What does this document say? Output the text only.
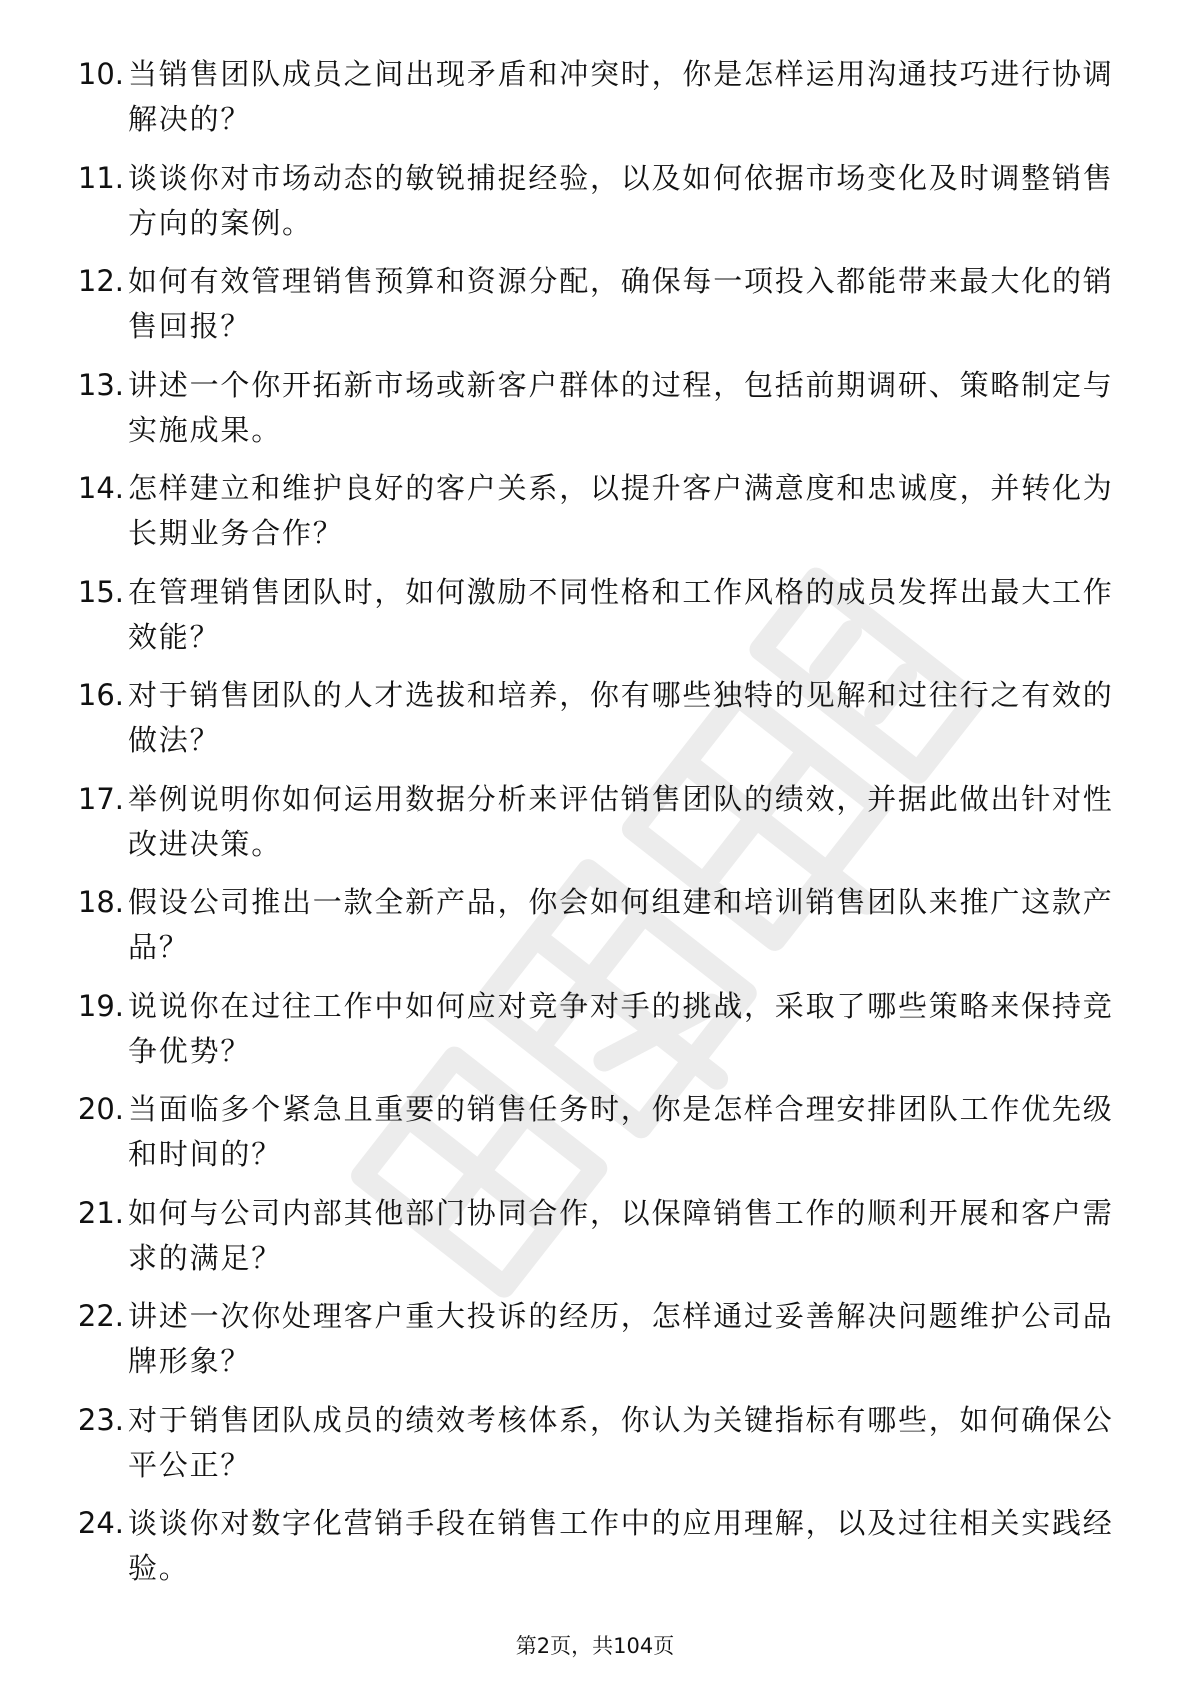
10. 当销售团队成员之间出现矛盾和冲突时，你是怎样运用沟通技巧进行协调解决的？
11. 谈谈你对市场动态的敏锐捕捉经验，以及如何依据市场变化及时调整销售方向的案例。
12. 如何有效管理销售预算和资源分配，确保每一项投入都能带来最大化的销售回报？
13. 讲述一个你开拓新市场或新客户群体的过程，包括前期调研、策略制定与实施成果。
14. 怎样建立和维护良好的客户关系，以提升客户满意度和忠诚度，并转化为长期业务合作？
15. 在管理销售团队时，如何激励不同性格和工作风格的成员发挥出最大工作效能？
16. 对于销售团队的人才选拔和培养，你有哪些独特的见解和过往行之有效的做法？
17. 举例说明你如何运用数据分析来评估销售团队的绩效，并据此做出针对性改进决策。
18. 假设公司推出一款全新产品，你会如何组建和培训销售团队来推广这款产品？
19. 说说你在过往工作中如何应对竞争对手的挑战，采取了哪些策略来保持竞争优势？
20. 当面临多个紧急且重要的销售任务时，你是怎样合理安排团队工作优先级和时间的？
21. 如何与公司内部其他部门协同合作，以保障销售工作的顺利开展和客户需求的满足？
22. 讲述一次你处理客户重大投诉的经历，怎样通过妥善解决问题维护公司品牌形象？
23. 对于销售团队成员的绩效考核体系，你认为关键指标有哪些，如何确保公平公正？
24. 谈谈你对数字化营销手段在销售工作中的应用理解，以及过往相关实践经验。
第2页，共104页
